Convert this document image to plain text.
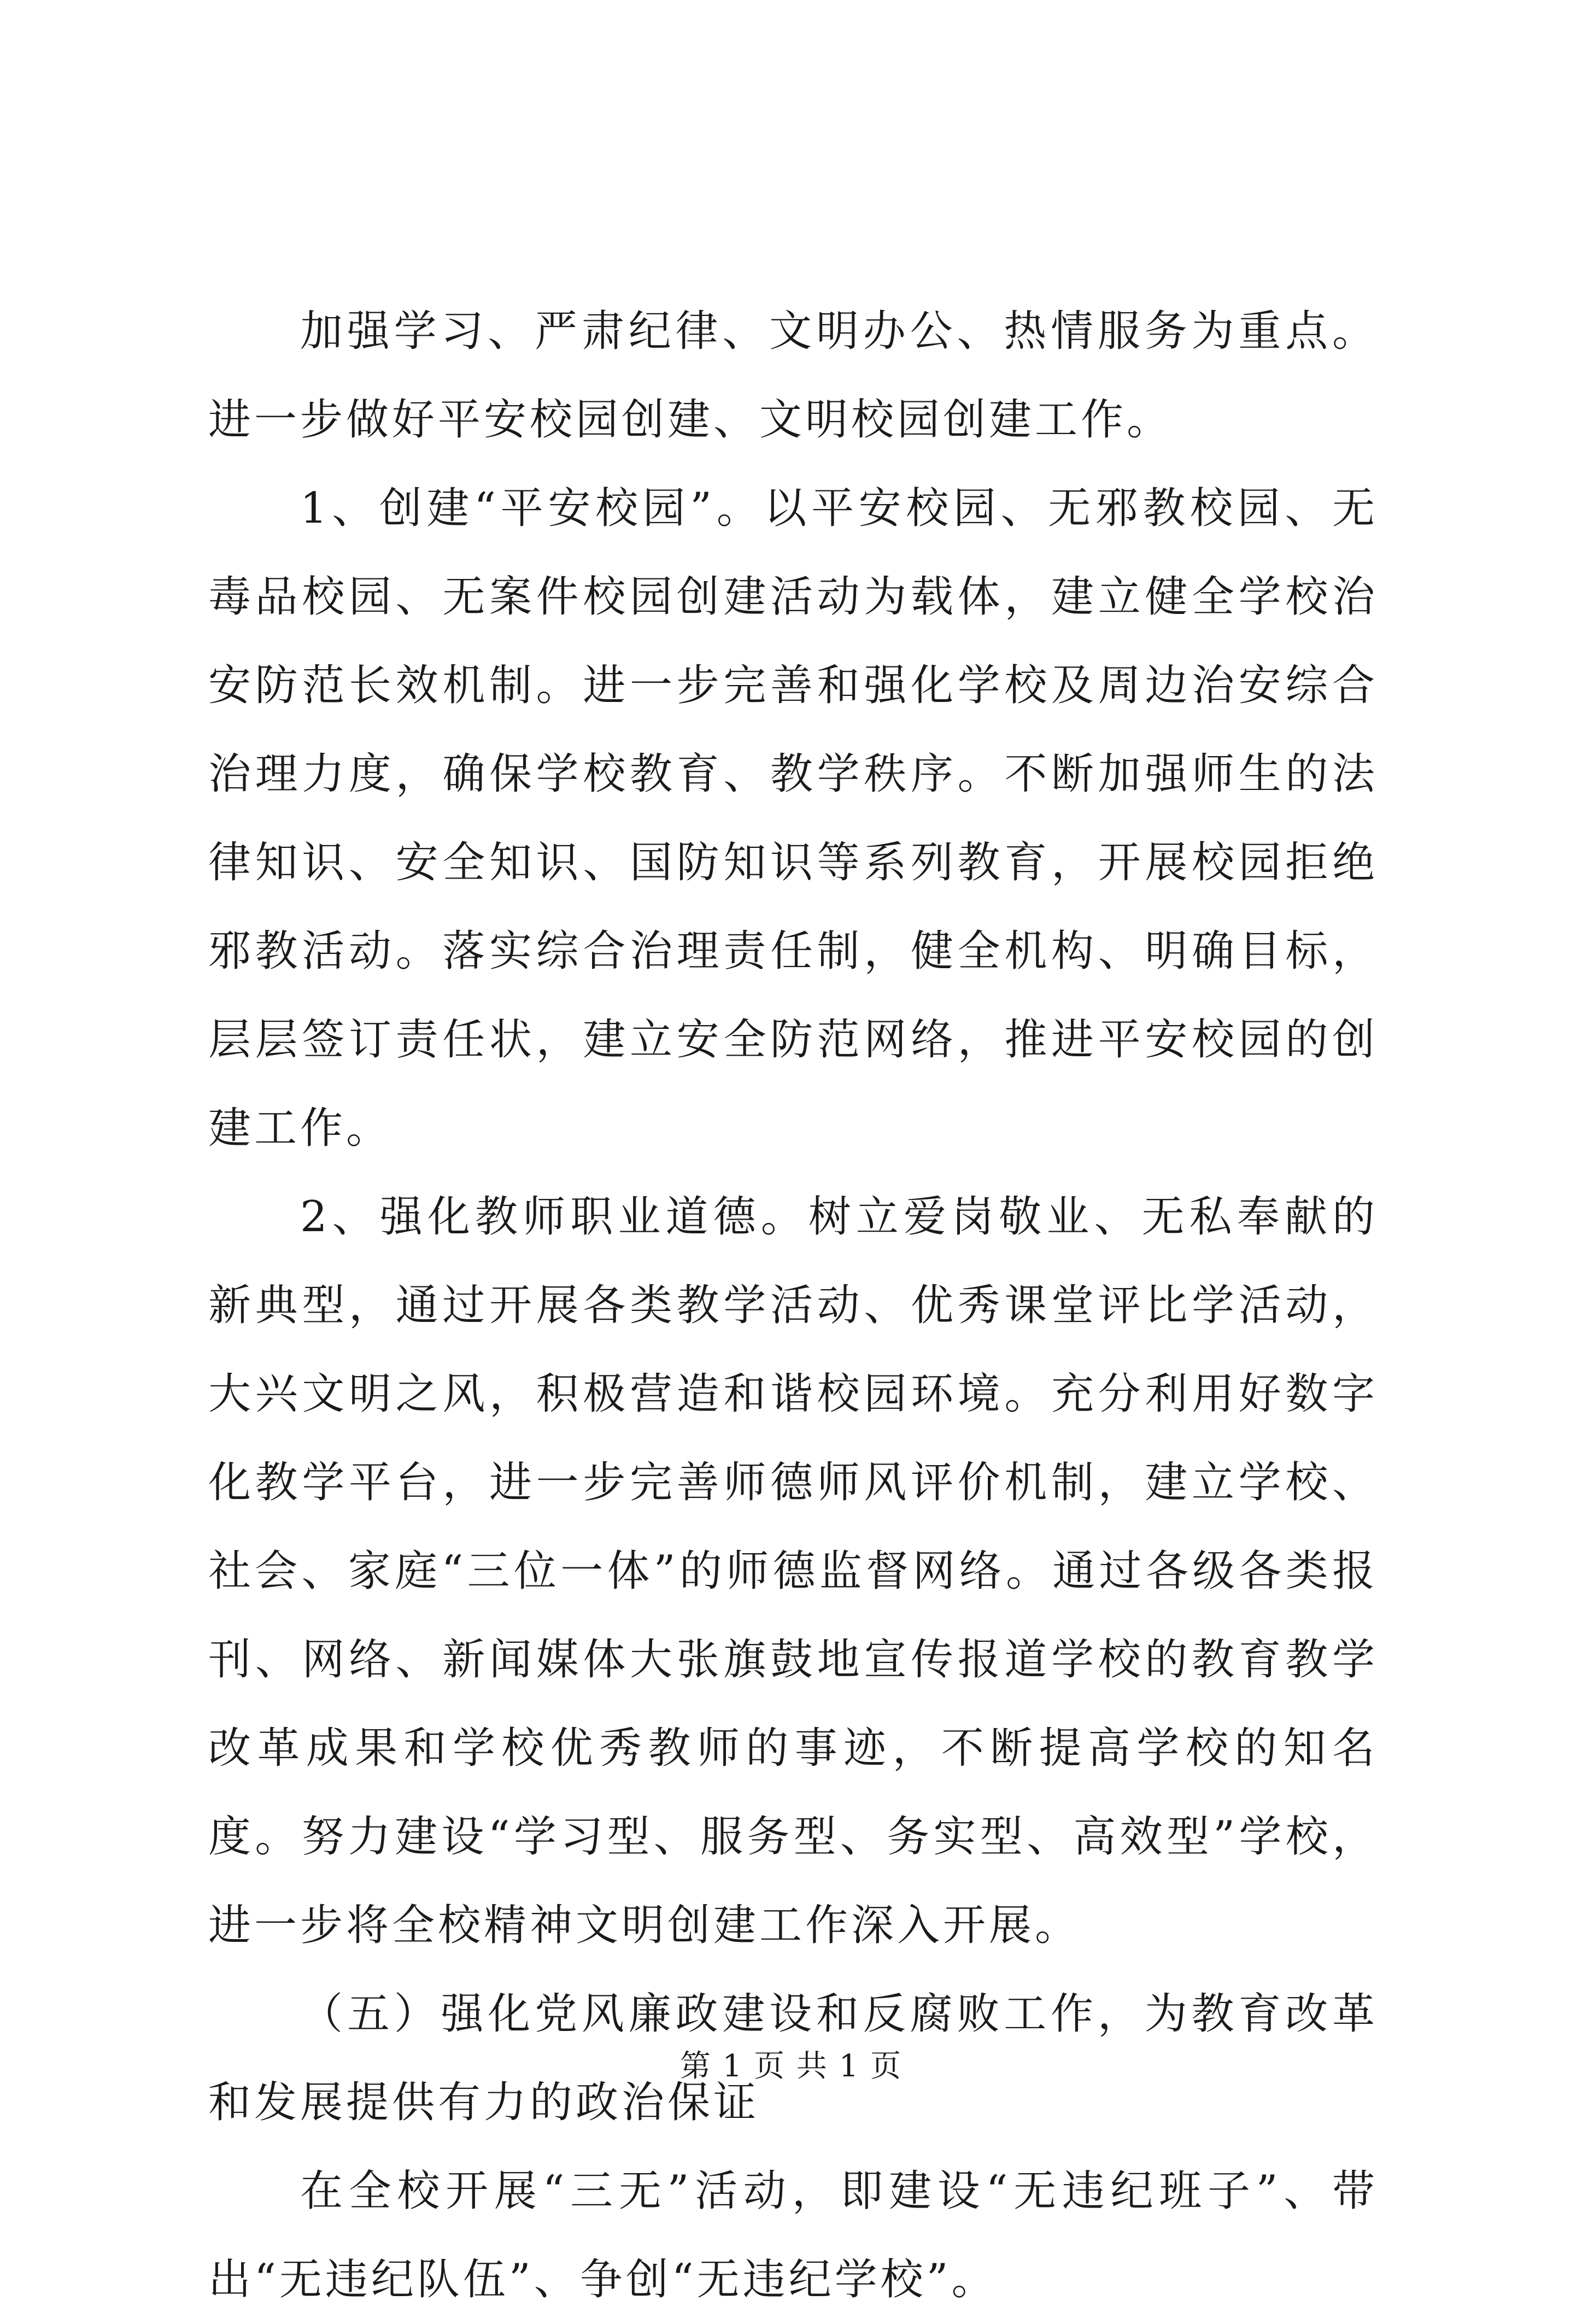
加强学习、严肃纪律、文明办公、热情服务为重点。进一步做好平安校园创建、文明校园创建工作。

1、创建“平安校园”。以平安校园、无邪教校园、无毒品校园、无案件校园创建活动为载体，建立健全学校治安防范长效机制。进一步完善和强化学校及周边治安综合治理力度，确保学校教育、教学秩序。不断加强师生的法律知识、安全知识、国防知识等系列教育，开展校园拒绝邪教活动。落实综合治理责任制，健全机构、明确目标，层层签订责任状，建立安全防范网络，推进平安校园的创建工作。

2、强化教师职业道德。树立爱岗敬业、无私奉献的新典型，通过开展各类教学活动、优秀课堂评比学活动，大兴文明之风，积极营造和谐校园环境。充分利用好数字化教学平台，进一步完善师德师风评价机制，建立学校、社会、家庭“三位一体”的师德监督网络。通过各级各类报刊、网络、新闻媒体大张旗鼓地宣传报道学校的教育教学改革成果和学校优秀教师的事迹，不断提高学校的知名度。努力建设“学习型、服务型、务实型、高效型”学校，进一步将全校精神文明创建工作深入开展。

（五）强化党风廉政建设和反腐败工作，为教育改革和发展提供有力的政治保证

在全校开展“三无”活动，即建设“无违纪班子”、带出“无违纪队伍”、争创“无违纪学校”。

第 1 页 共 1 页
